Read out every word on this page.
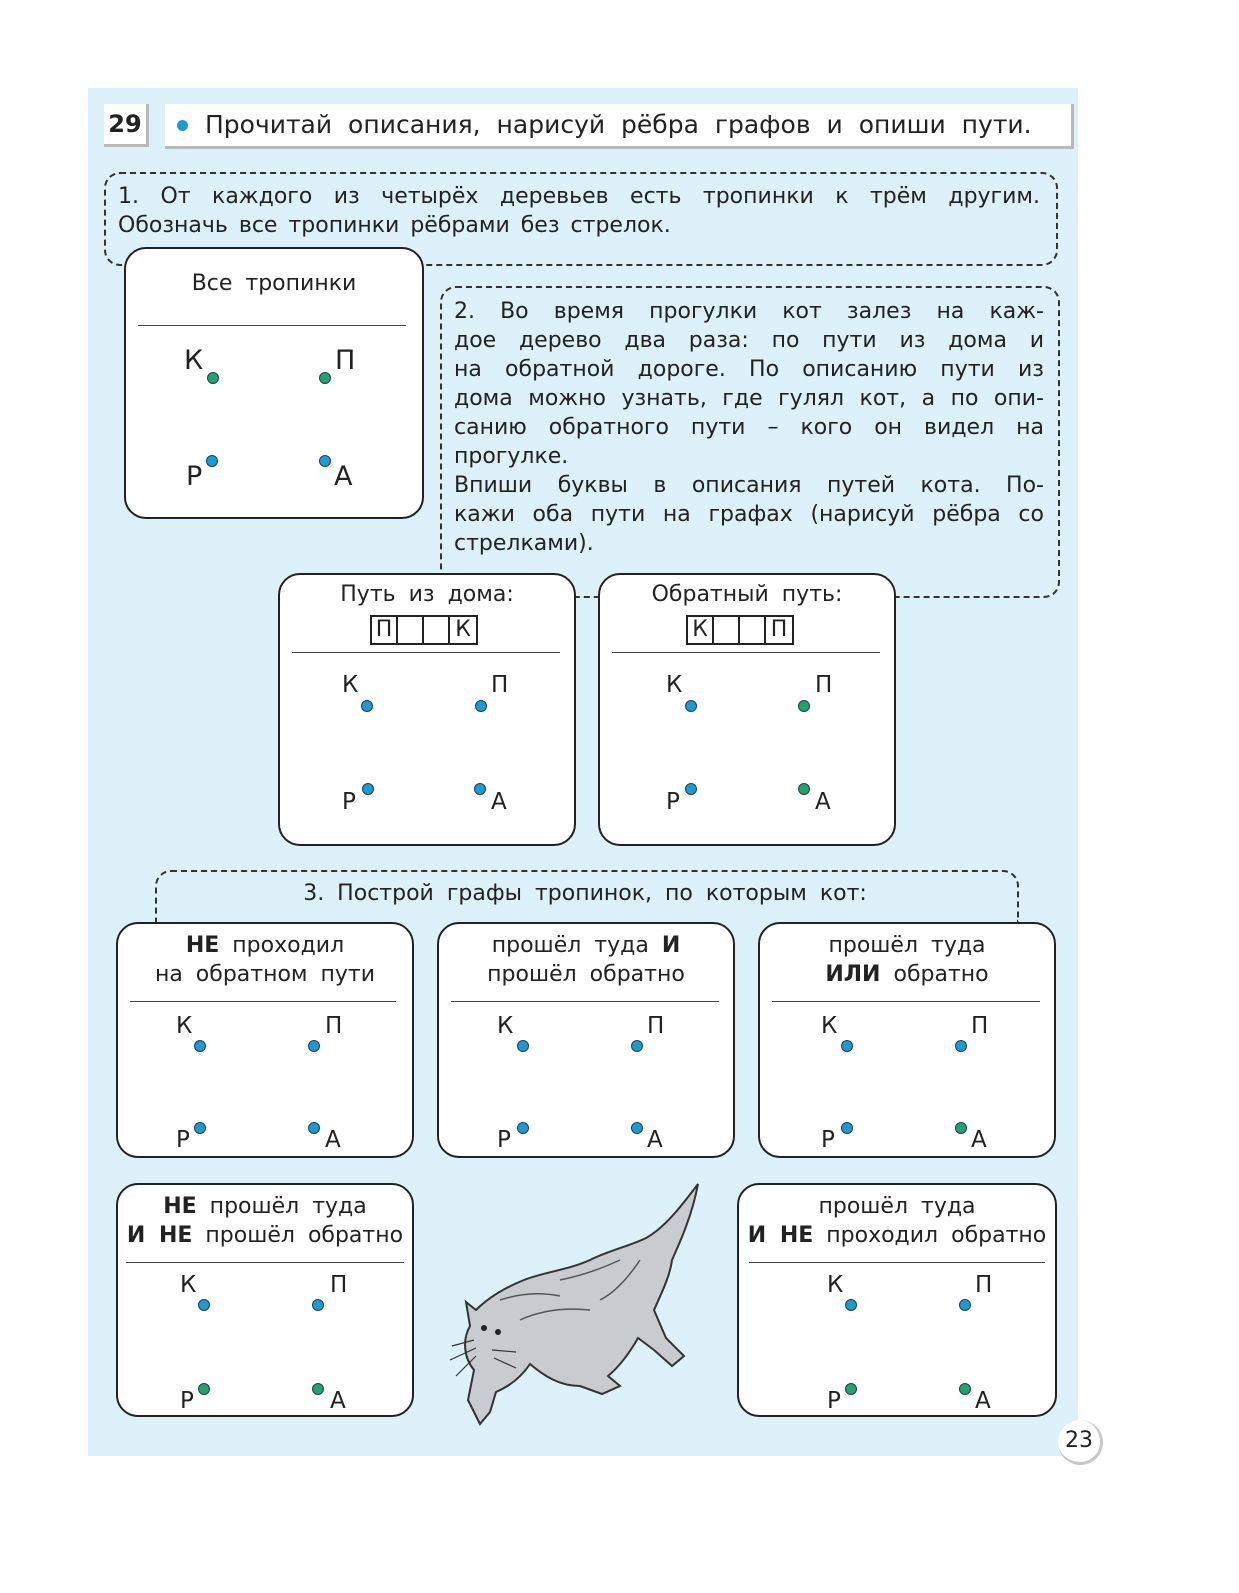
29	Прочитай описания, нарисуй рёбра графов и опиши пути.

1. От каждого из четырёх деревьев есть тропинки к трём другим.

Обозначь все тропинки рёбрами без стрелок.

2. Во время прогулки кот залез на каж-

дое дерево два раза: по пути из дома и

на обратной дороге. По описанию пути из

дома можно узнать, где гулял кот, а по опи-

санию обратного пути – кого он видел на

прогулке.

Впиши буквы в описания путей кота. По-

кажи оба пути на графах (нарисуй рёбра со

стрелками).

3. Построй графы тропинок, по которым кот:
Все тропинки
К	П
Р	А
Путь из дома:
П	К
К	П
Р	А
Обратный путь:
К	П
К	П
Р	А
НЕ проходил
на обратном пути
К	П
Р	А
прошёл туда И
прошёл обратно
К	П
Р	А
прошёл туда
ИЛИ обратно
К	П
Р	А
НЕ прошёл туда
И НЕ прошёл обратно
К	П
Р	А
прошёл туда
И НЕ проходил обратно
К	П
Р	А
23
